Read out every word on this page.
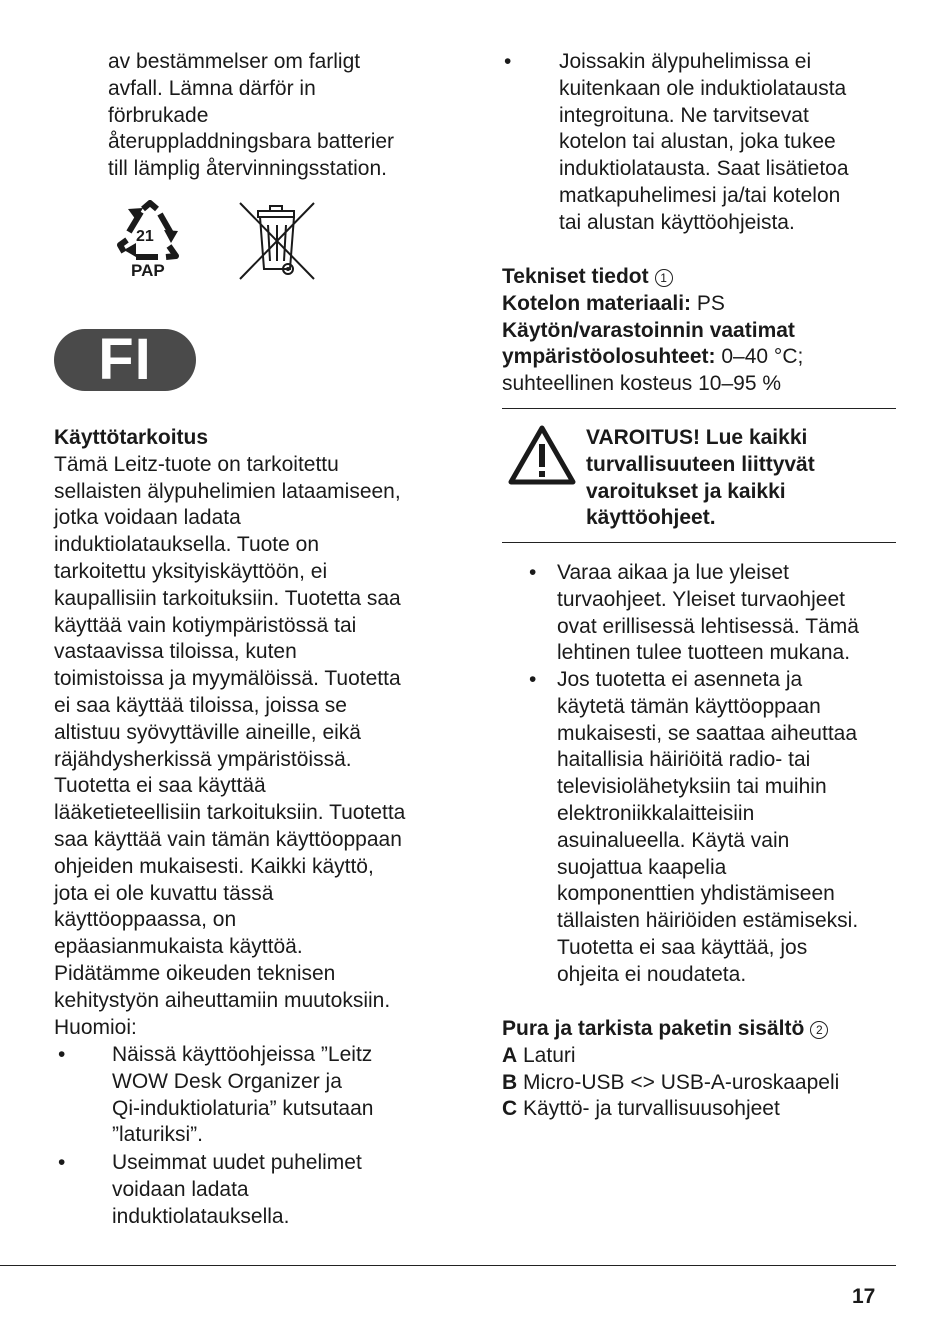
av bestämmelser om farligt
avfall. Lämna därför in
förbrukade
återuppladdningsbara batterier
till lämplig återvinningsstation.
21
PAP
FI
Käyttötarkoitus
Tämä Leitz-tuote on tarkoitettu
sellaisten älypuhelimien lataamiseen,
jotka voidaan ladata
induktiolatauksella. Tuote on
tarkoitettu yksityiskäyttöön, ei
kaupallisiin tarkoituksiin. Tuotetta saa
käyttää vain kotiympäristössä tai
vastaavissa tiloissa, kuten
toimistoissa ja myymälöissä. Tuotetta
ei saa käyttää tiloissa, joissa se
altistuu syövyttäville aineille, eikä
räjähdysherkissä ympäristöissä.
Tuotetta ei saa käyttää
lääketieteellisiin tarkoituksiin. Tuotetta
saa käyttää vain tämän käyttöoppaan
ohjeiden mukaisesti. Kaikki käyttö,
jota ei ole kuvattu tässä
käyttöoppaassa, on
epäasianmukaista käyttöä.
Pidätämme oikeuden teknisen
kehitystyön aiheuttamiin muutoksiin.
Huomioi:
• Näissä käyttöohjeissa ”Leitz
WOW Desk Organizer ja
Qi-induktiolaturia” kutsutaan
”laturiksi”.
• Useimmat uudet puhelimet
voidaan ladata
induktiolatauksella.
• Joissakin älypuhelimissa ei
kuitenkaan ole induktiolatausta
integroituna. Ne tarvitsevat
kotelon tai alustan, joka tukee
induktiolatausta. Saat lisätietoa
matkapuhelimesi ja/tai kotelon
tai alustan käyttöohjeista.
Tekniset tiedot 1
Kotelon materiaali: PS
Käytön/varastoinnin vaatimat
ympäristöolosuhteet: 0–40 °C;
suhteellinen kosteus 10–95 %
VAROITUS! Lue kaikki
turvallisuuteen liittyvät
varoitukset ja kaikki
käyttöohjeet.
• Varaa aikaa ja lue yleiset
turvaohjeet. Yleiset turvaohjeet
ovat erillisessä lehtisessä. Tämä
lehtinen tulee tuotteen mukana.
• Jos tuotetta ei asenneta ja
käytetä tämän käyttöoppaan
mukaisesti, se saattaa aiheuttaa
haitallisia häiriöitä radio- tai
televisiolähetyksiin tai muihin
elektroniikkalaitteisiin
asuinalueella. Käytä vain
suojattua kaapelia
komponenttien yhdistämiseen
tällaisten häiriöiden estämiseksi.
Tuotetta ei saa käyttää, jos
ohjeita ei noudateta.
Pura ja tarkista paketin sisältö 2
A Laturi
B Micro-USB <> USB-A-uroskaapeli
C Käyttö- ja turvallisuusohjeet
17
